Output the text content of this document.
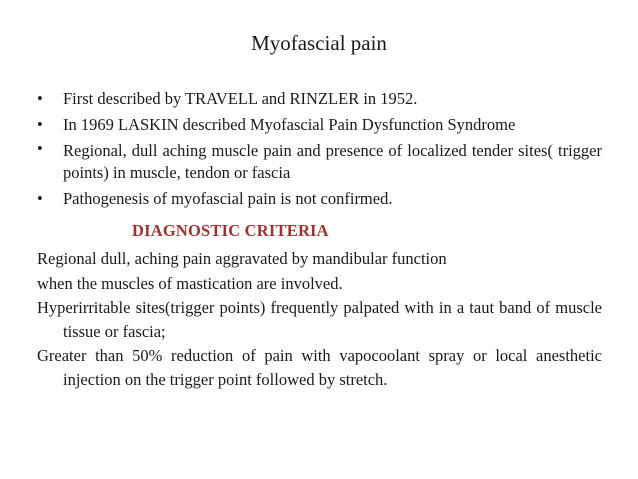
Myofascial pain
• First described by TRAVELL and RINZLER in 1952.
• In 1969 LASKIN described Myofascial Pain Dysfunction Syndrome
• Regional, dull aching muscle pain and presence of localized tender sites( trigger points) in muscle, tendon or fascia
• Pathogenesis of myofascial pain is not confirmed.
DIAGNOSTIC CRITERIA

Regional dull, aching pain aggravated by mandibular function

when the muscles of mastication are involved.

Hyperirritable sites(trigger points) frequently palpated with in a taut band of muscle tissue or fascia;

Greater than 50% reduction of pain with vapocoolant spray or local anesthetic injection on the trigger point followed by stretch.
